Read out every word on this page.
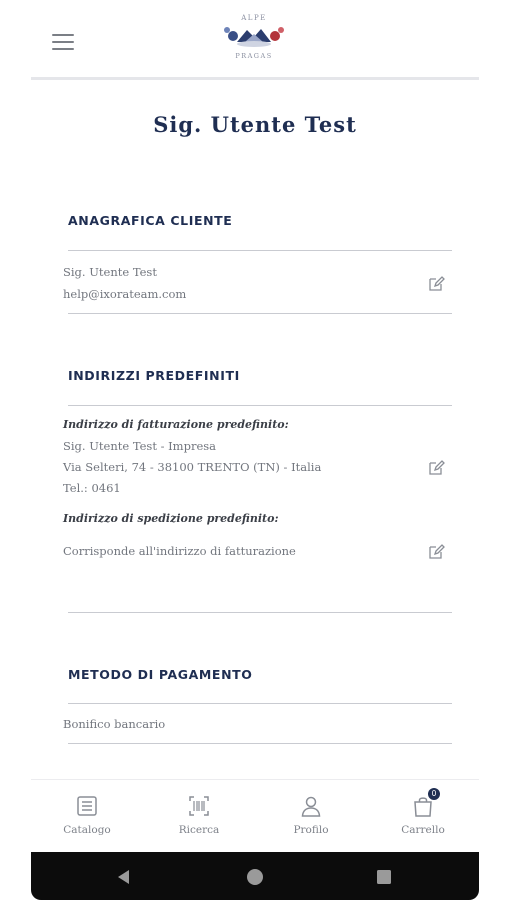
ALPE
PRAGAS
Sig. Utente Test
ANAGRAFICA CLIENTE
Sig. Utente Test
help@ixorateam.com
INDIRIZZI PREDEFINITI
Indirizzo di fatturazione predefinito:
Sig. Utente Test - Impresa
Via Selteri, 74 - 38100 TRENTO (TN) - Italia
Tel.: 0461
Indirizzo di spedizione predefinito:
Corrisponde all'indirizzo di fatturazione
METODO DI PAGAMENTO
Bonifico bancario
Catalogo	Ricerca	Profilo
0
Carrello
